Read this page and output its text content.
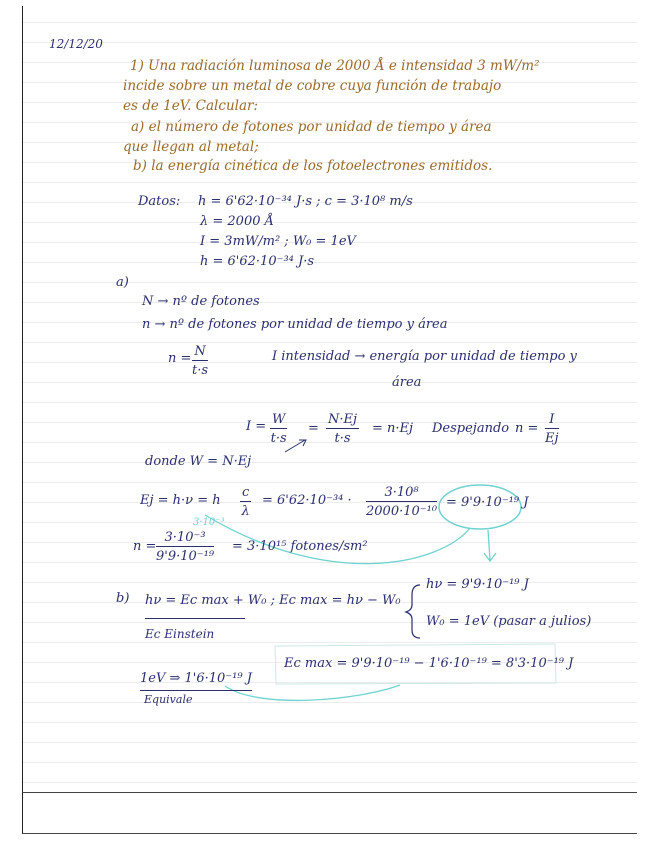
12/12/20
1) Una radiación luminosa de 2000 Å e intensidad 3 mW/m²
incide sobre un metal de cobre cuya función de trabajo
es de 1eV. Calcular:
a) el número de fotones por unidad de tiempo y área
que llegan al metal;
b) la energía cinética de los fotoelectrones emitidos.
Datos: h = 6'62·10⁻³⁴ J·s ; c = 3·10⁸ m/s
λ = 2000 Å
I = 3mW/m² ; W₀ = 1eV
h = 6'62·10⁻³⁴ J·s
a)
N → nº de fotones
n → nº de fotones por unidad de tiempo y área
$n = \frac{N}{t\cdot s}$	I intensidad → energía por unidad de tiempo y
área
$I = \frac{W}{t\cdot s} = \frac{N\cdot Ej}{t\cdot s} = n\cdot Ej$ Despejando $n = \frac{I}{Ej}$
donde W = N·Ej
Ej = h·ν = h $\frac{c}{\lambda} = 6'62\cdot 10^{-34} \cdot \frac{\text{3·10⁸}}{\text{2000·10⁻¹⁰}} = 9'9\cdot 10^{-19}$ J
3·10⁻³
$n = \frac{\text{3·10⁻³}}{\text{9'9·10⁻¹⁹}} = 3\cdot 10^{15}$ fotones/sm²
b) hν = Ec max + W₀ ; Ec max = hν − W₀
Ec Einstein
hν = 9'9·10⁻¹⁹ J
W₀ = 1eV (pasar a julios)
Ec max = 9'9·10⁻¹⁹ − 1'6·10⁻¹⁹ = 8'3·10⁻¹⁹ J
1eV ⇒ 1'6·10⁻¹⁹ J
Equivale
